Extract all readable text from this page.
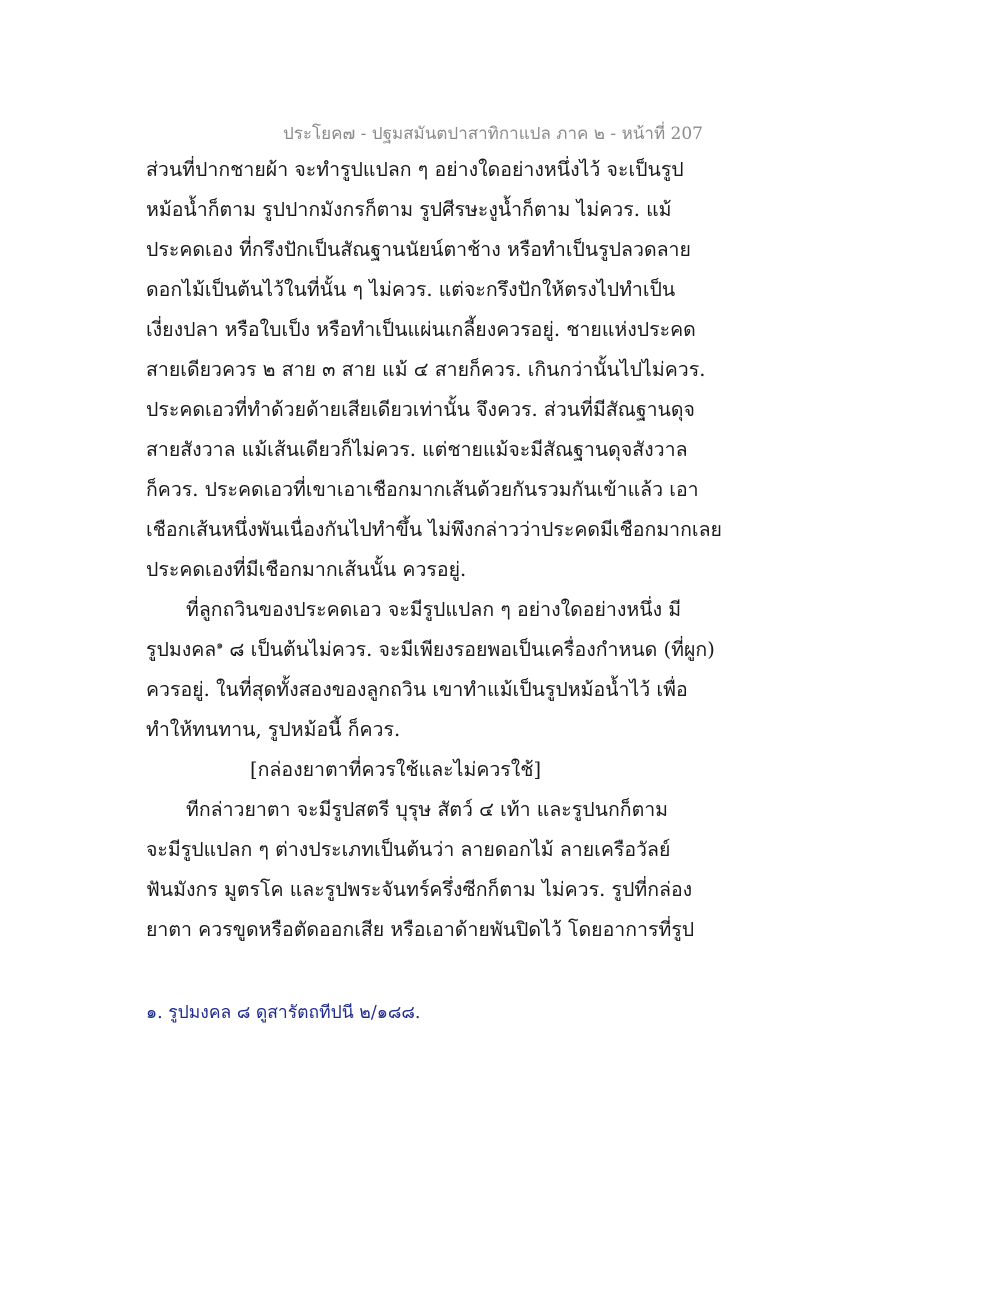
ประโยค๗ - ปฐมสมันตปาสาทิกาแปล ภาค ๒ - หน้าที่ 207
ส่วนที่ปากชายผ้า จะทำรูปแปลก ๆ อย่างใดอย่างหนึ่งไว้ จะเป็นรูป
หม้อน้ำก็ตาม รูปปากมังกรก็ตาม รูปศีรษะงูน้ำก็ตาม ไม่ควร. แม้
ประคดเอง ที่กรึงปักเป็นสัณฐานนัยน์ตาช้าง หรือทำเป็นรูปลวดลาย
ดอกไม้เป็นต้นไว้ในที่นั้น ๆ ไม่ควร. แต่จะกรึงปักให้ตรงไปทำเป็น
เงี่ยงปลา หรือใบเป็ง หรือทำเป็นแผ่นเกลี้ยงควรอยู่. ชายแห่งประคด
สายเดียวควร ๒ สาย ๓ สาย แม้ ๔ สายก็ควร. เกินกว่านั้นไปไม่ควร.
ประคดเอวที่ทำด้วยด้ายเสียเดียวเท่านั้น จึงควร. ส่วนที่มีสัณฐานดุจ
สายสังวาล แม้เส้นเดียวก็ไม่ควร. แต่ชายแม้จะมีสัณฐานดุจสังวาล
ก็ควร. ประคดเอวที่เขาเอาเชือกมากเส้นด้วยกันรวมกันเข้าแล้ว เอา
เชือกเส้นหนึ่งพันเนื่องกันไปทำขึ้น ไม่พึงกล่าวว่าประคดมีเชือกมากเลย
ประคดเองที่มีเชือกมากเส้นนั้น ควรอยู่.
ที่ลูกถวินของประคดเอว จะมีรูปแปลก ๆ อย่างใดอย่างหนึ่ง มี
รูปมงคล$^๑$ ๘ เป็นต้นไม่ควร. จะมีเพียงรอยพอเป็นเครื่องกำหนด (ที่ผูก)
ควรอยู่. ในที่สุดทั้งสองของลูกถวิน เขาทำแม้เป็นรูปหม้อน้ำไว้ เพื่อ
ทำให้ทนทาน, รูปหม้อนี้ ก็ควร.
[กล่องยาตาที่ควรใช้และไม่ควรใช้]
ทีกล่าวยาตา จะมีรูปสตรี บุรุษ สัตว์ ๔ เท้า และรูปนกก็ตาม
จะมีรูปแปลก ๆ ต่างประเภทเป็นต้นว่า ลายดอกไม้ ลายเครือวัลย์
ฟันมังกร มูตรโค และรูปพระจันทร์ครึ่งซีกก็ตาม ไม่ควร. รูปที่กล่อง
ยาตา ควรขูดหรือตัดออกเสีย หรือเอาด้ายพันปิดไว้ โดยอาการที่รูป
๑. รูปมงคล ๘ ดูสารัตถทีปนี ๒/๑๘๘.
